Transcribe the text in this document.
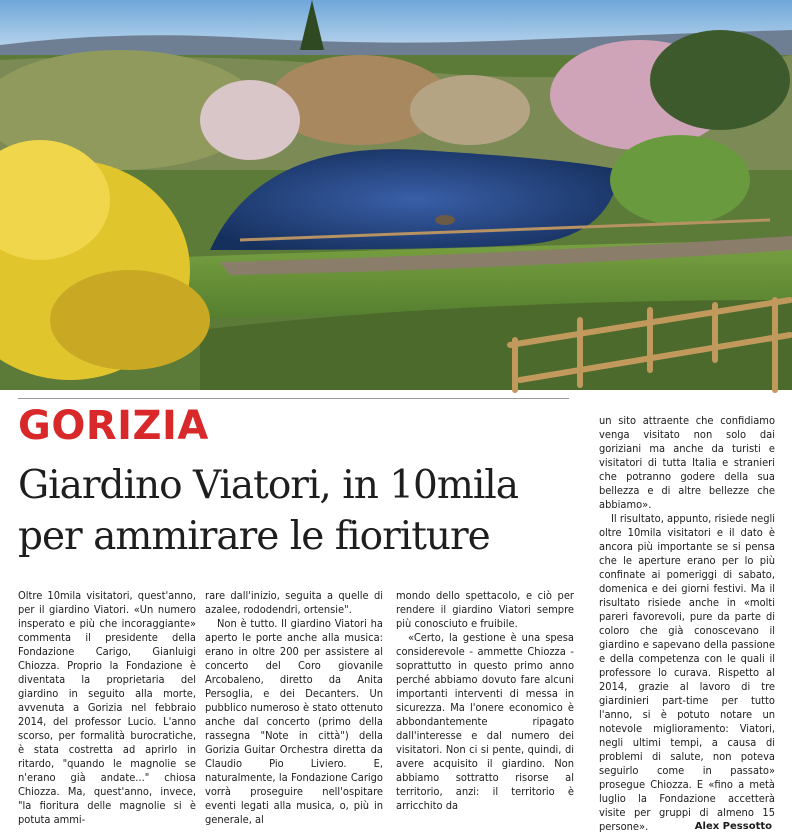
GORIZIA
Giardino Viatori, in 10mila per ammirare le fioriture

Oltre 10mila visitatori, quest'anno, per il giardino Viatori. «Un numero insperato e più che incoraggiante» commenta il presidente della Fondazione Carigo, Gianluigi Chiozza. Proprio la Fondazione è diventata la proprietaria del giardino in seguito alla morte, avvenuta a Gorizia nel febbraio 2014, del professor Lucio. L'anno scorso, per formalità burocratiche, è stata costretta ad aprirlo in ritardo, "quando le magnolie se n'erano già andate..." chiosa Chiozza. Ma, quest'anno, invece, "la fioritura delle magnolie si è potuta ammi-

rare dall'inizio, seguita a quelle di azalee, rododendri, ortensie".

Non è tutto. Il giardino Viatori ha aperto le porte anche alla musica: erano in oltre 200 per assistere al concerto del Coro giovanile Arcobaleno, diretto da Anita Persoglia, e dei Decanters. Un pubblico numeroso è stato ottenuto anche dal concerto (primo della rassegna "Note in città") della Gorizia Guitar Orchestra diretta da Claudio Pio Liviero. E, naturalmente, la Fondazione Carigo vorrà proseguire nell'ospitare eventi legati alla musica, o, più in generale, al

mondo dello spettacolo, e ciò per rendere il giardino Viatori sempre più conosciuto e fruibile.

«Certo, la gestione è una spesa considerevole - ammette Chiozza - soprattutto in questo primo anno perché abbiamo dovuto fare alcuni importanti interventi di messa in sicurezza. Ma l'onere economico è abbondantemente ripagato dall'interesse e dal numero dei visitatori. Non ci si pente, quindi, di avere acquisito il giardino. Non abbiamo sottratto risorse al territorio, anzi: il territorio è arricchito da

un sito attraente che confidiamo venga visitato non solo dai goriziani ma anche da turisti e visitatori di tutta Italia e stranieri che potranno godere della sua bellezza e di altre bellezze che abbiamo».

Il risultato, appunto, risiede negli oltre 10mila visitatori e il dato è ancora più importante se si pensa che le aperture erano per lo più confinate ai pomeriggi di sabato, domenica e dei giorni festivi. Ma il risultato risiede anche in «molti pareri favorevoli, pure da parte di coloro che già conoscevano il giardino e sapevano della passione e della competenza con le quali il professore lo curava. Rispetto al 2014, grazie al lavoro di tre giardinieri part-time per tutto l'anno, si è potuto notare un notevole miglioramento: Viatori, negli ultimi tempi, a causa di problemi di salute, non poteva seguirlo come in passato» prosegue Chiozza. E «fino a metà luglio la Fondazione accetterà visite per gruppi di almeno 15 persone».	Alex Pessotto
